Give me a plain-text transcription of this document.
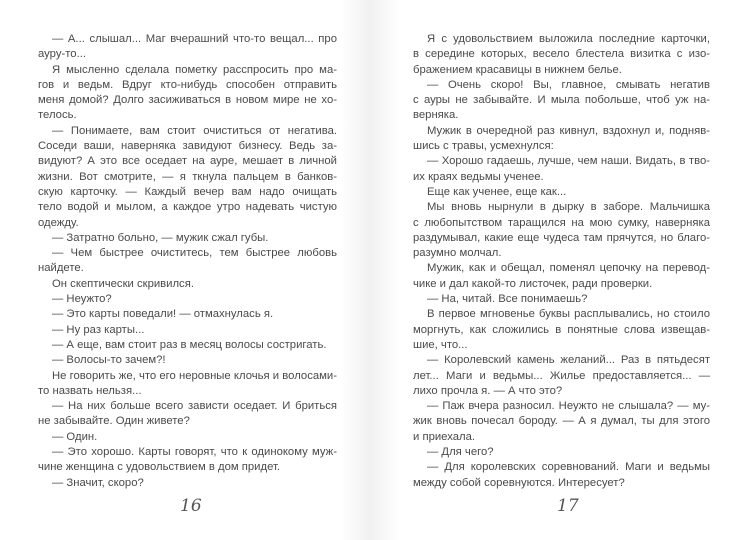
— А... слышал... Маг вчерашний что-то вещал... про
ауру-то...
Я мысленно сделала пометку расспросить про ма-
гов и ведьм. Вдруг кто-нибудь способен отправить
меня домой? Долго засиживаться в новом мире не хо-
телось.
— Понимаете, вам стоит очиститься от негатива.
Соседи ваши, наверняка завидуют бизнесу. Ведь за-
видуют? А это все оседает на ауре, мешает в личной
жизни. Вот смотрите, — я ткнула пальцем в банков-
скую карточку. — Каждый вечер вам надо очищать
тело водой и мылом, а каждое утро надевать чистую
одежду.
— Затратно больно, — мужик сжал губы.
— Чем быстрее очиститесь, тем быстрее любовь
найдете.
Он скептически скривился.
— Неужто?
— Это карты поведали! — отмахнулась я.
— Ну раз карты...
— А еще, вам стоит раз в месяц волосы состригать.
— Волосы-то зачем?!
Не говорить же, что его неровные клочья и волосами-
то назвать нельзя...
— На них больше всего зависти оседает. И бриться
не забывайте. Один живете?
— Один.
— Это хорошо. Карты говорят, что к одинокому муж-
чине женщина с удовольствием в дом придет.
— Значит, скоро?
16
Я с удовольствием выложила последние карточки,
в середине которых, весело блестела визитка с изо-
бражением красавицы в нижнем белье.
— Очень скоро! Вы, главное, смывать негатив
с ауры не забывайте. И мыла побольше, чтоб уж на-
верняка.
Мужик в очередной раз кивнул, вздохнул и, подняв-
шись с травы, усмехнулся:
— Хорошо гадаешь, лучше, чем наши. Видать, в тво-
их краях ведьмы ученее.
Еще как ученее, еще как...
Мы вновь нырнули в дырку в заборе. Мальчишка
с любопытством таращился на мою сумку, наверняка
раздумывал, какие еще чудеса там прячутся, но благо-
разумно молчал.
Мужик, как и обещал, поменял цепочку на перевод-
чике и дал какой-то листочек, ради проверки.
— На, читай. Все понимаешь?
В первое мгновенье буквы расплывались, но стоило
моргнуть, как сложились в понятные слова извещав-
шие, что...
— Королевский камень желаний... Раз в пятьдесят
лет... Маги и ведьмы... Жилье предоставляется... —
лихо прочла я. — А что это?
— Паж вчера разносил. Неужто не слышала? — му-
жик вновь почесал бороду. — А я думал, ты для этого
и приехала.
— Для чего?
— Для королевских соревнований. Маги и ведьмы
между собой соревнуются. Интересует?
17
